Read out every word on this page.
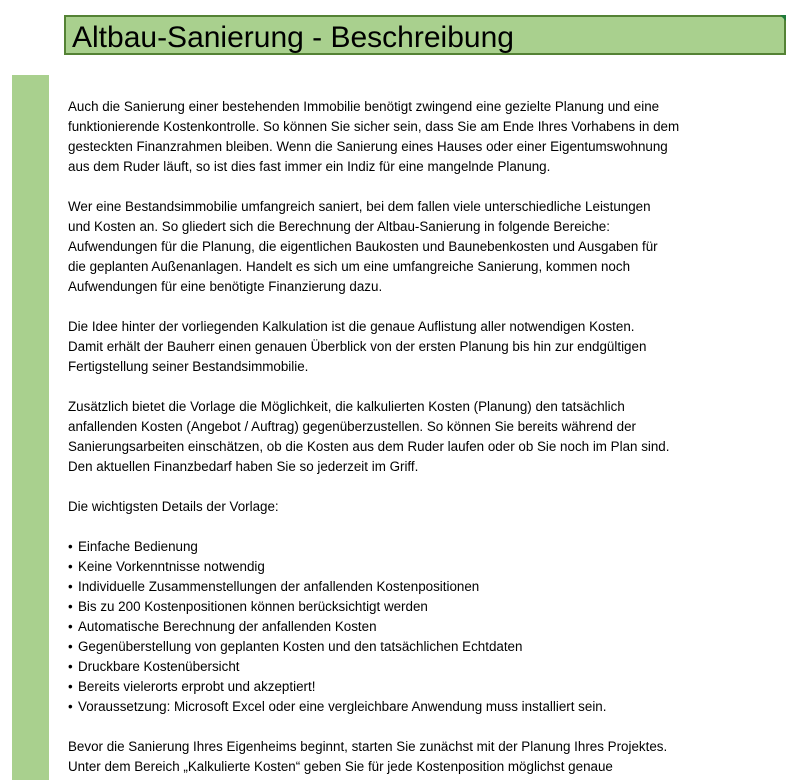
Altbau-Sanierung - Beschreibung
Auch die Sanierung einer bestehenden Immobilie benötigt zwingend eine gezielte Planung und eine
funktionierende Kostenkontrolle. So können Sie sicher sein, dass Sie am Ende Ihres Vorhabens in dem
gesteckten Finanzrahmen bleiben. Wenn die Sanierung eines Hauses oder einer Eigentumswohnung
aus dem Ruder läuft, so ist dies fast immer ein Indiz für eine mangelnde Planung.
Wer eine Bestandsimmobilie umfangreich saniert, bei dem fallen viele unterschiedliche Leistungen
und Kosten an. So gliedert sich die Berechnung der Altbau-Sanierung in folgende Bereiche:
Aufwendungen für die Planung, die eigentlichen Baukosten und Baunebenkosten und Ausgaben für
die geplanten Außenanlagen. Handelt es sich um eine umfangreiche Sanierung, kommen noch
Aufwendungen für eine benötigte Finanzierung dazu.
Die Idee hinter der vorliegenden Kalkulation ist die genaue Auflistung aller notwendigen Kosten.
Damit erhält der Bauherr einen genauen Überblick von der ersten Planung bis hin zur endgültigen
Fertigstellung seiner Bestandsimmobilie.
Zusätzlich bietet die Vorlage die Möglichkeit, die kalkulierten Kosten (Planung) den tatsächlich
anfallenden Kosten (Angebot / Auftrag) gegenüberzustellen. So können Sie bereits während der
Sanierungsarbeiten einschätzen, ob die Kosten aus dem Ruder laufen oder ob Sie noch im Plan sind.
Den aktuellen Finanzbedarf haben Sie so jederzeit im Griff.
Die wichtigsten Details der Vorlage:
• Einfache Bedienung
• Keine Vorkenntnisse notwendig
• Individuelle Zusammenstellungen der anfallenden Kostenpositionen
• Bis zu 200 Kostenpositionen können berücksichtigt werden
• Automatische Berechnung der anfallenden Kosten
• Gegenüberstellung von geplanten Kosten und den tatsächlichen Echtdaten
• Druckbare Kostenübersicht
• Bereits vielerorts erprobt und akzeptiert!
• Voraussetzung: Microsoft Excel oder eine vergleichbare Anwendung muss installiert sein.
Bevor die Sanierung Ihres Eigenheims beginnt, starten Sie zunächst mit der Planung Ihres Projektes.
Unter dem Bereich „Kalkulierte Kosten“ geben Sie für jede Kostenposition möglichst genaue
